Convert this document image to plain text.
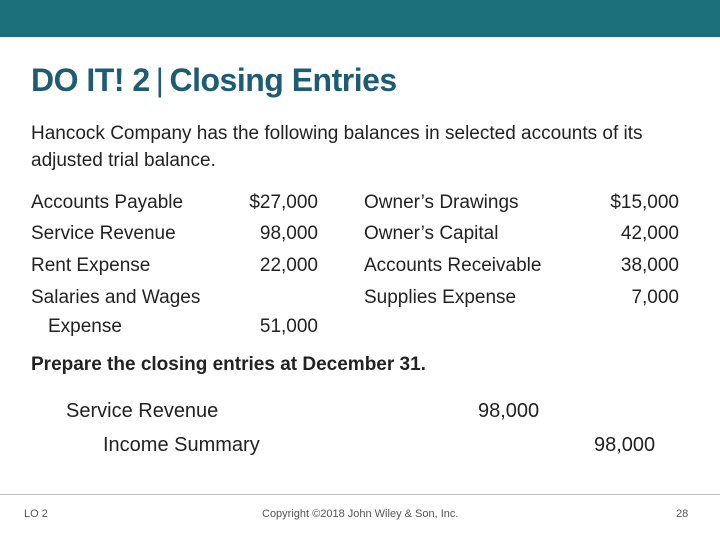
DO IT! 2 | Closing Entries

Hancock Company has the following balances in selected accounts of its adjusted trial balance.

Accounts Payable	$27,000
Service Revenue	98,000
Rent Expense	22,000
Salaries and Wages
Expense	51,000
Owner’s Drawings	$15,000
Owner’s Capital	42,000
Accounts Receivable	38,000
Supplies Expense	7,000

Prepare the closing entries at December 31.

Service Revenue	98,000
Income Summary	98,000
LO 2	Copyright ©2018 John Wiley & Son, Inc.	28
